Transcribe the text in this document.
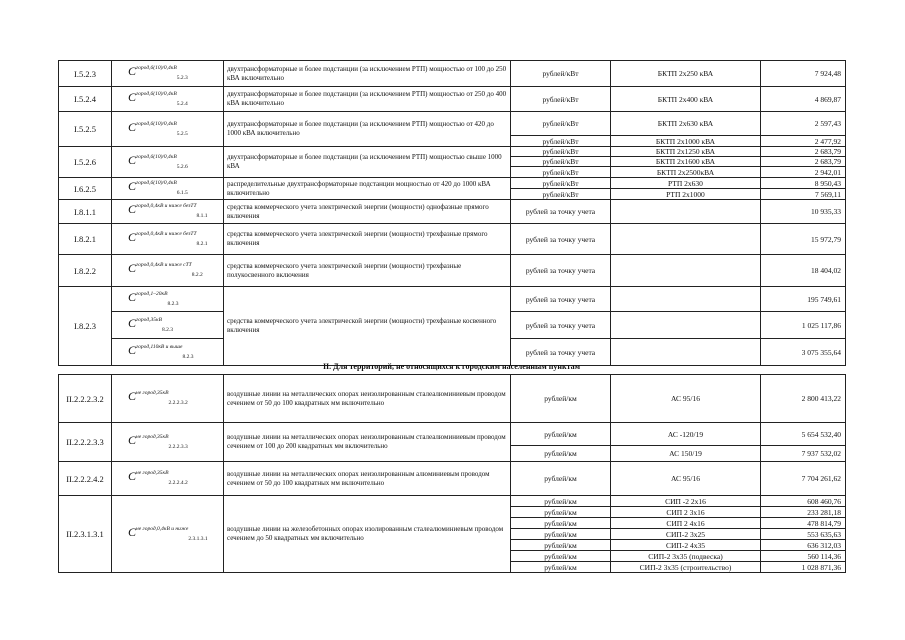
I.5.2.3	$C^{город,6(10)/0,4кВ}_{5.2.3}$	двухтрансформаторные и более подстанции (за исключением РТП) мощностью от 100 до 250 кВА включительно	рублей/кВт	БКТП 2х250 кВА	7 924,48
I.5.2.4	$C^{город,6(10)/0,4кВ}_{5.2.4}$	двухтрансформаторные и более подстанции (за исключением РТП) мощностью от 250 до 400 кВА включительно	рублей/кВт	БКТП 2х400 кВА	4 869,87
I.5.2.5	$C^{город,6(10)/0,4кВ}_{5.2.5}$	двухтрансформаторные и более подстанции (за исключением РТП) мощностью от 420 до 1000 кВА включительно	рублей/кВт	БКТП 2х630 кВА	2 597,43
			рублей/кВт	БКТП 2х1000 кВА	2 477,92
I.5.2.6	$C^{город,6(10)/0,4кВ}_{5.2.6}$	двухтрансформаторные и более подстанции (за исключением РТП) мощностью свыше 1000 кВА	рублей/кВт	БКТП 2х1250 кВА	2 683,79
			рублей/кВт	БКТП 2х1600 кВА	2 683,79
			рублей/кВт	БКТП 2х2500кВА	2 942,01
I.6.2.5	$C^{город,6(10)/0,4кВ}_{6.1.5}$	распределительные двухтрансформаторные подстанции мощностью от 420 до 1000 кВА включительно	рублей/кВт	РТП 2х630	8 950,43
			рублей/кВт	РТП 2х1000	7 569,11
I.8.1.1	$C^{город,0,4кВ и ниже безТТ}_{8.1.1}$	средства коммерческого учета электрической энергии (мощности) однофазные прямого включения	рублей за точку учета		10 935,33
I.8.2.1	$C^{город,0,4кВ и ниже безТТ}_{8.2.1}$	средства коммерческого учета электрической энергии (мощности) трехфазные прямого включения	рублей за точку учета		15 972,79
I.8.2.2	$C^{город,0,4кВ и ниже сТТ}_{8.2.2}$	средства коммерческого учета электрической энергии (мощности) трехфазные полукосвенного включения	рублей за точку учета		18 404,02
I.8.2.3	$C^{город,1-20кВ}_{8.2.3}$	средства коммерческого учета электрической энергии (мощности) трехфазные косвенного включения	рублей за точку учета		195 749,61
	$C^{город,35кВ}_{8.2.3}$		рублей за точку учета		1 025 117,86
	$C^{город,110кВ и выше}_{8.2.3}$		рублей за точку учета		3 075 355,64
II. Для территорий, не относящихся к городским населенным пунктам
II.2.2.2.3.2	$C^{не город,35кВ}_{2.2.2.3.2}$	воздушные линии на металлических опорах неизолированным сталеалюминиевым проводом сечением от 50 до 100 квадратных мм включительно	рублей/км	АС 95/16	2 800 413,22
II.2.2.2.3.3	$C^{не город,35кВ}_{2.2.2.3.3}$	воздушные линии на металлических опорах неизолированным сталеалюминиевым проводом сечением от 100 до 200 квадратных мм включительно	рублей/км	АС -120/19	5 654 532,40
			рублей/км	АС 150/19	7 937 532,02
II.2.2.2.4.2	$C^{не город,35кВ}_{2.2.2.4.2}$	воздушные линии на металлических опорах неизолированным алюминиевым проводом сечением от 50 до 100 квадратных мм включительно	рублей/км	АС 95/16	7 704 261,62
II.2.3.1.3.1	$C^{не город,0,4кВ и ниже}_{2.3.1.3.1}$	воздушные линии на железобетонных опорах изолированным сталеалюминиевым проводом сечением до 50 квадратных мм включительно	рублей/км	СИП -2 2х16	608 460,76
			рублей/км	СИП 2 3х16	233 281,18
			рублей/км	СИП 2 4х16	478 814,79
			рублей/км	СИП-2 3х25	553 635,63
			рублей/км	СИП-2 4х35	636 312,03
			рублей/км	СИП-2 3х35 (подвеска)	560 114,36
			рублей/км	СИП-2 3х35 (строительство)	1 028 871,36
